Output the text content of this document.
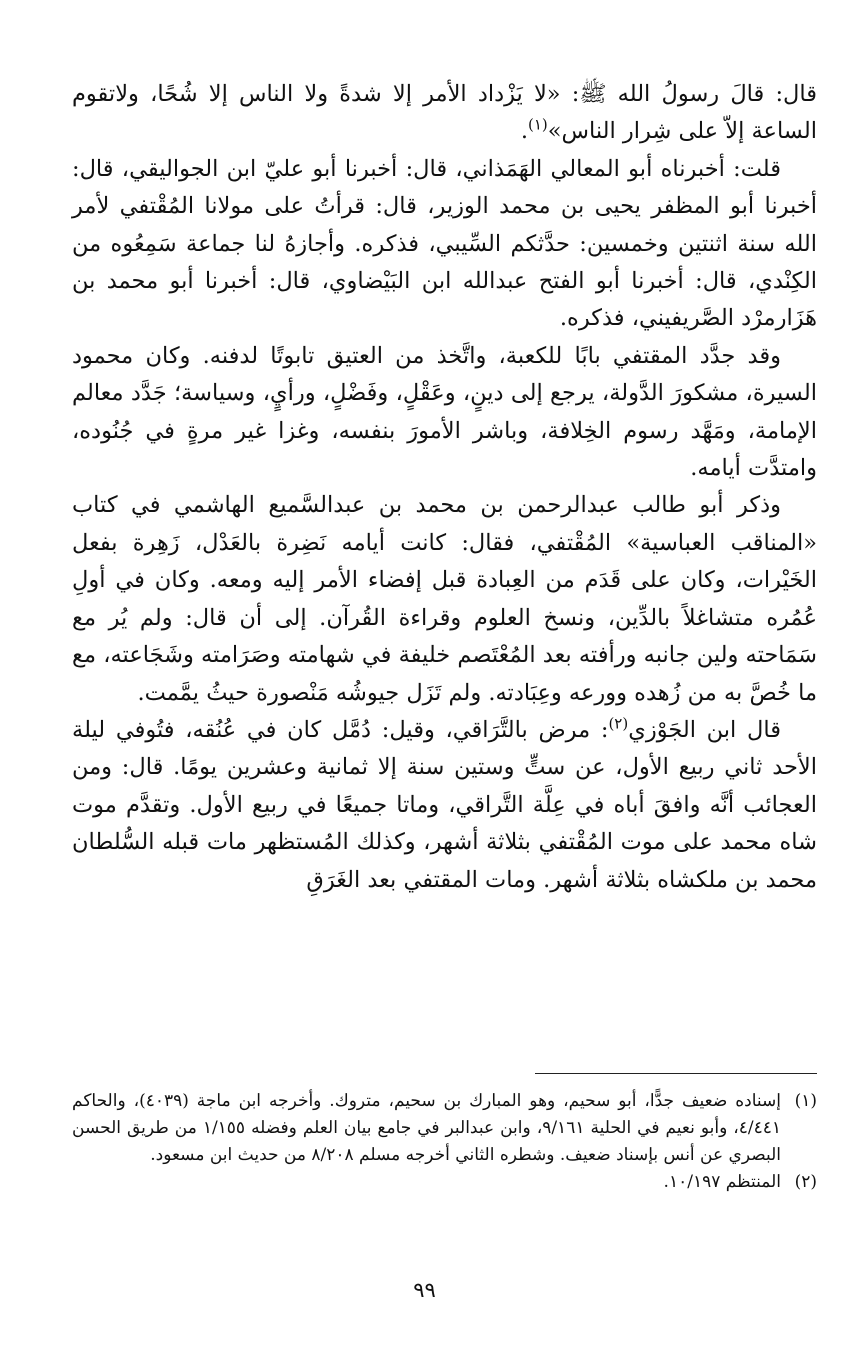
قال: قالَ رسولُ الله ﷺ: «لا يَزْداد الأمر إلا شدةً ولا الناس إلا شُحًا، ولاتقوم الساعة إلاّ على شِرار الناس»$^{(١)}$.

قلت: أخبرناه أبو المعالي الهَمَذاني، قال: أخبرنا أبو عليّ ابن الجواليقي، قال: أخبرنا أبو المظفر يحيى بن محمد الوزير، قال: قرأتُ على مولانا المُقْتفي لأمر الله سنة اثنتين وخمسين: حدَّثكم السِّيبي، فذكره. وأجازهُ لنا جماعة سَمِعُوه من الكِنْدي، قال: أخبرنا أبو الفتح عبدالله ابن البَيْضاوي، قال: أخبرنا أبو محمد بن هَزَارمرْد الصَّريفيني، فذكره.

وقد جدَّد المقتفي بابًا للكعبة، واتَّخذ من العتيق تابوتًا لدفنه. وكان محمود السيرة، مشكورَ الدَّولة، يرجع إلى دينٍ، وعَقْلٍ، وفَضْلٍ، ورأيٍ، وسياسة؛ جَدَّد معالم الإمامة، ومَهَّد رسوم الخِلافة، وباشر الأمورَ بنفسه، وغزا غير مرةٍ في جُنُوده، وامتدَّت أيامه.

وذكر أبو طالب عبدالرحمن بن محمد بن عبدالسَّميع الهاشمي في كتاب «المناقب العباسية» المُقْتفي، فقال: كانت أيامه نَضِرة بالعَدْل، زَهِرة بفعل الخَيْرات، وكان على قَدَم من العِبادة قبل إفضاء الأمر إليه ومعه. وكان في أولِ عُمُره متشاغلاً بالدِّين، ونسخ العلوم وقراءة القُرآن. إلى أن قال: ولم يُر مع سَمَاحته ولين جانبه ورأفته بعد المُعْتَصم خليفة في شهامته وصَرَامته وشَجَاعته، مع ما خُصَّ به من زُهده وورعه وعِبَادته. ولم تَزَل جيوشُه مَنْصورة حيثُ يمَّمت.

قال ابن الجَوْزي$^{(٢)}$: مرض بالتَّرَاقي، وقيل: دُمَّل كان في عُنُقه، فتُوفي ليلة الأحد ثاني ربيع الأول، عن ستٍّ وستين سنة إلا ثمانية وعشرين يومًا. قال: ومن العجائب أنَّه وافقَ أباه في عِلَّة التَّراقي، وماتا جميعًا في ربيع الأول. وتقدَّم موت شاه محمد على موت المُقْتفي بثلاثة أشهر، وكذلك المُستظهر مات قبله السُّلطان محمد بن ملكشاه بثلاثة أشهر. ومات المقتفي بعد الغَرَقِ

(١)
إسناده ضعيف جدًّا، أبو سحيم، وهو المبارك بن سحيم، متروك. وأخرجه ابن ماجة (٤٠٣٩)، والحاكم ٤/٤٤١، وأبو نعيم في الحلية ٩/١٦١، وابن عبدالبر في جامع بيان العلم وفضله ١/١٥٥ من طريق الحسن البصري عن أنس بإسناد ضعيف. وشطره الثاني أخرجه مسلم ٨/٢٠٨ من حديث ابن مسعود.
(٢)
المنتظم ١٠/١٩٧.
٩٩
